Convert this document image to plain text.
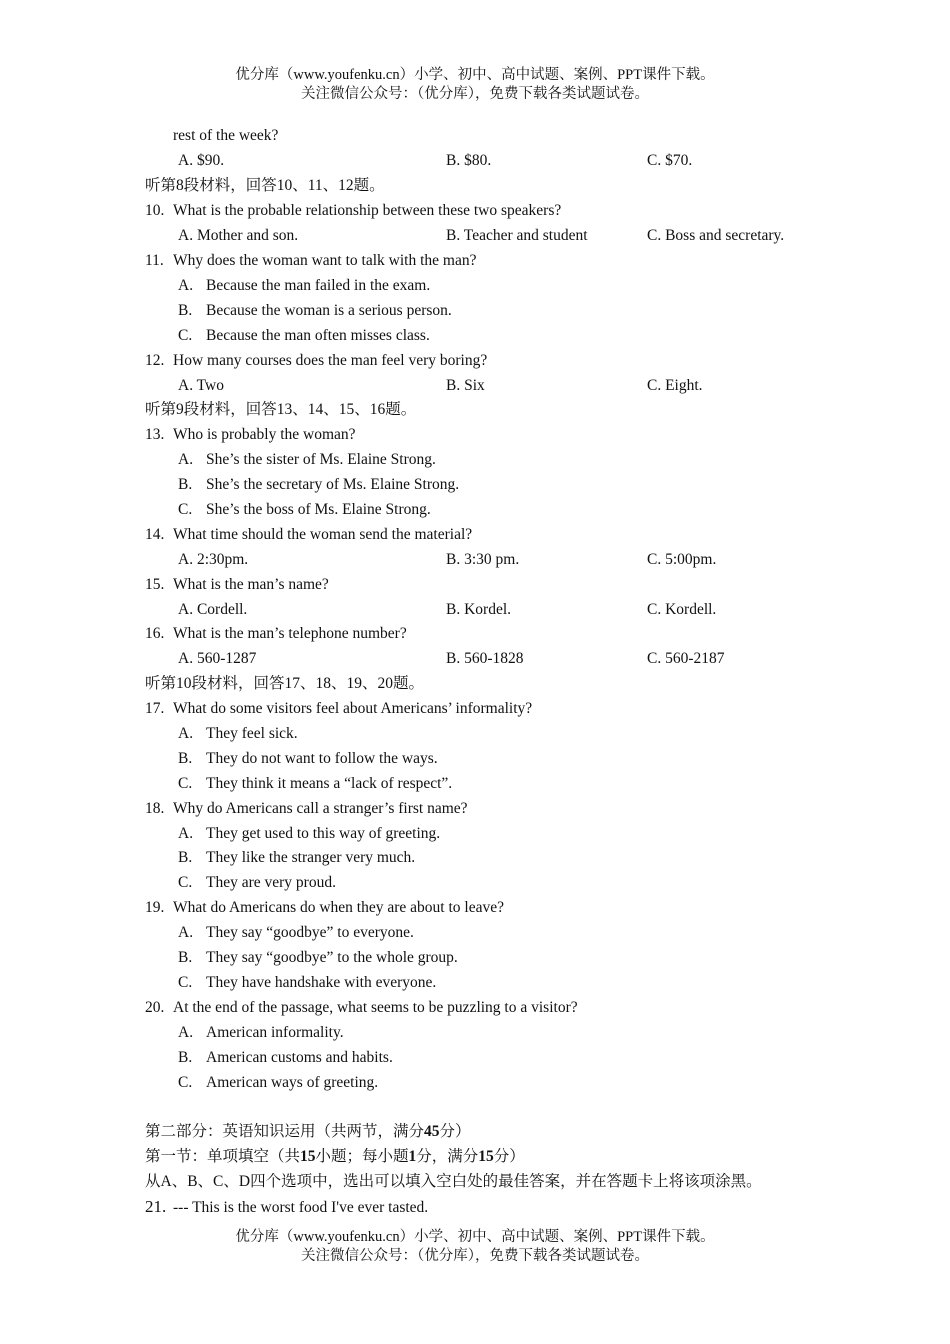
优分库（www.youfenku.cn）小学、初中、高中试题、案例、PPT课件下载。
关注微信公众号：（优分库），免费下载各类试题试卷。
rest of the week?
A. $90.	B. $80.	C. $70.
听第8段材料，回答10、11、12题。
10. What is the probable relationship between these two speakers?
A. Mother and son.	B. Teacher and student	C. Boss and secretary.
11. Why does the woman want to talk with the man?
A. Because the man failed in the exam.
B. Because the woman is a serious person.
C. Because the man often misses class.
12. How many courses does the man feel very boring?
A. Two	B. Six	C. Eight.
听第9段材料，回答13、14、15、16题。
13. Who is probably the woman?
A. She’s the sister of Ms. Elaine Strong.
B. She’s the secretary of Ms. Elaine Strong.
C. She’s the boss of Ms. Elaine Strong.
14. What time should the woman send the material?
A. 2:30pm.	B. 3:30 pm.	C. 5:00pm.
15. What is the man’s name?
A. Cordell.	B. Kordel.	C. Kordell.
16. What is the man’s telephone number?
A. 560-1287	B. 560-1828	C. 560-2187
听第10段材料，回答17、18、19、20题。
17. What do some visitors feel about Americans’ informality?
A. They feel sick.
B. They do not want to follow the ways.
C. They think it means a “lack of respect”.
18. Why do Americans call a stranger’s first name?
A. They get used to this way of greeting.
B. They like the stranger very much.
C. They are very proud.
19. What do Americans do when they are about to leave?
A. They say “goodbye” to everyone.
B. They say “goodbye” to the whole group.
C. They have handshake with everyone.
20. At the end of the passage, what seems to be puzzling to a visitor?
A. American informality.
B. American customs and habits.
C. American ways of greeting.
第二部分：英语知识运用（共两节，满分45分）
第一节：单项填空（共15小题；每小题1分，满分15分）
从A、B、C、D四个选项中，选出可以填入空白处的最佳答案，并在答题卡上将该项涂黑。
21. --- This is the worst food I've ever tasted.
优分库（www.youfenku.cn）小学、初中、高中试题、案例、PPT课件下载。
关注微信公众号：（优分库），免费下载各类试题试卷。
